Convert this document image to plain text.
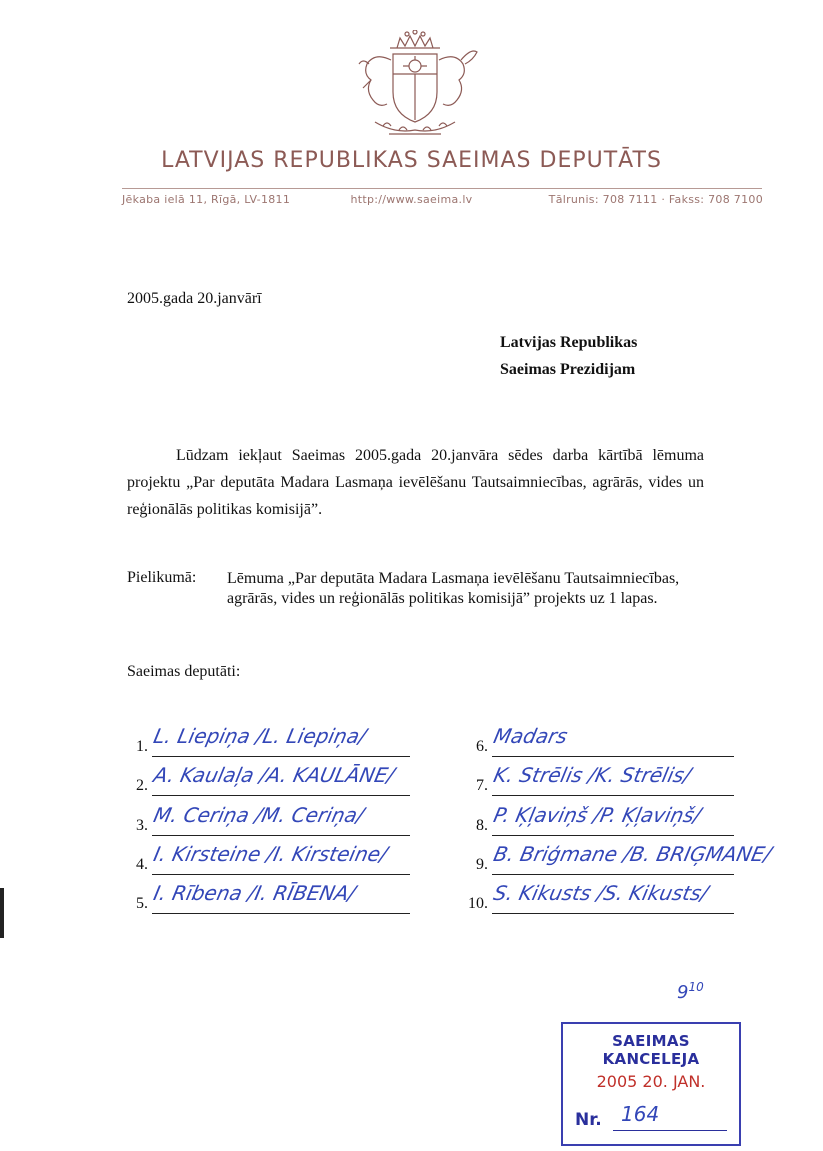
LATVIJAS REPUBLIKAS SAEIMAS DEPUTĀTS
Jēkaba ielā 11, Rīgā, LV-1811	http://www.saeima.lv	Tālrunis: 708 7111 · Fakss: 708 7100
2005.gada 20.janvārī
Latvijas Republikas
Saeimas Prezidijam
Lūdzam iekļaut Saeimas 2005.gada 20.janvāra sēdes darba kārtībā lēmuma projektu „Par deputāta Madara Lasmaņa ievēlēšanu Tautsaimniecības, agrārās, vides un reģionālās politikas komisijā”.
Pielikumā: Lēmuma „Par deputāta Madara Lasmaņa ievēlēšanu Tautsaimniecības, agrārās, vides un reģionālās politikas komisijā” projekts uz 1 lapas.
Saeimas deputāti:
1. L. Liepiņa /L. Liepiņa/
2. A. Kaulaļa /A. KAULĀNE/
3. M. Ceriņa /M. Ceriņa/
4. I. Kirsteine /I. Kirsteine/
5. I. Rībena /I. RĪBENA/
6. Madars
7. K. Strēlis /K. Strēlis/
8. P. Ķļaviņš /P. Ķļaviņš/
9. B. Briģmane /B. BRIĢMANE/
10. S. Kikusts /S. Kikusts/
$9^{10}$
SAEIMAS KANCELEJA
2005 20. JAN.
Nr. 164
